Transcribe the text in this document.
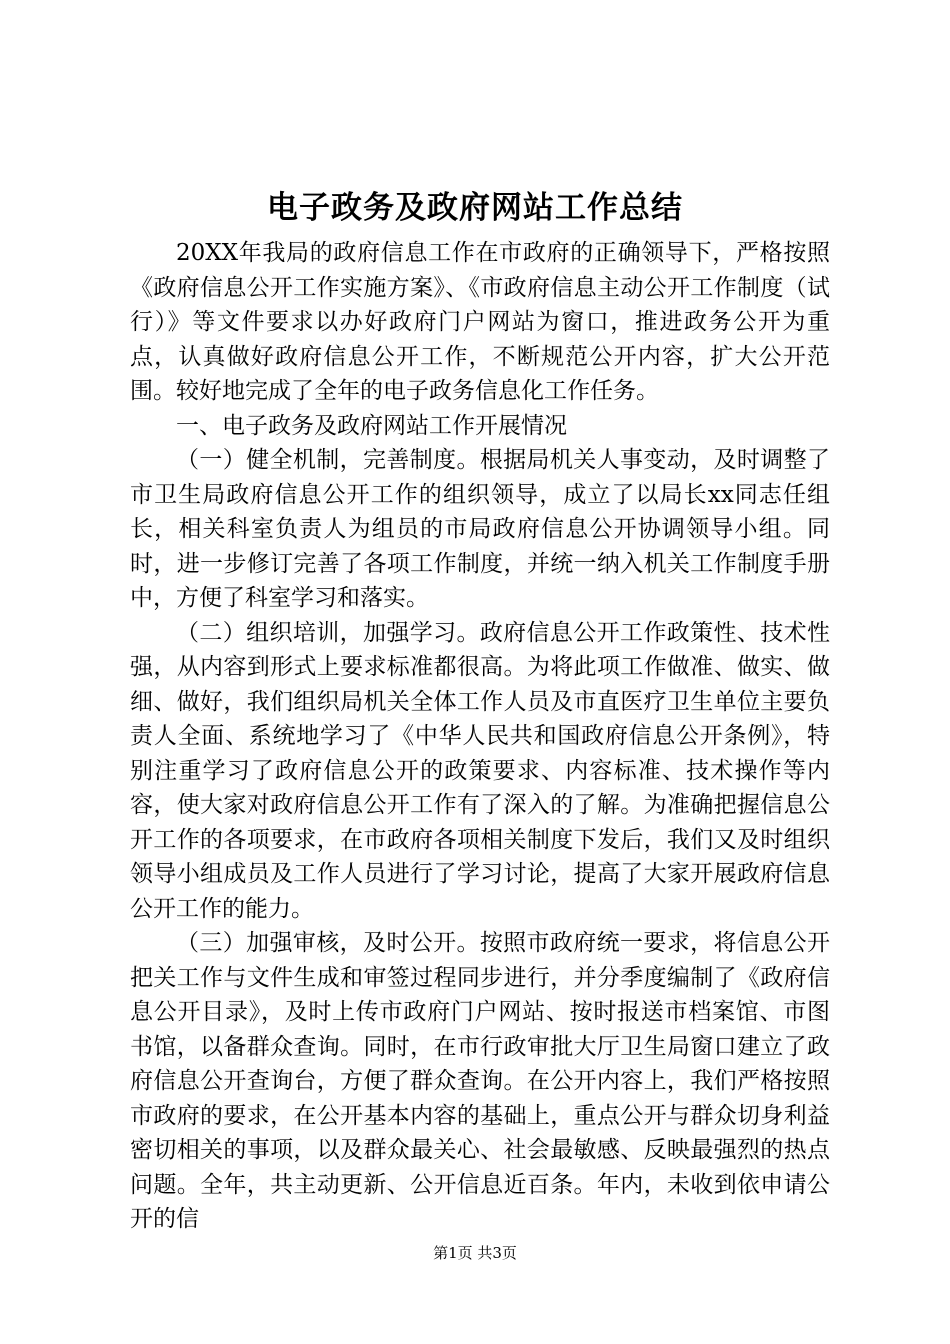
电子政务及政府网站工作总结

20XX年我局的政府信息工作在市政府的正确领导下，严格按照《政府信息公开工作实施方案》、《市政府信息主动公开工作制度（试行）》等文件要求以办好政府门户网站为窗口，推进政务公开为重点，认真做好政府信息公开工作，不断规范公开内容，扩大公开范围。较好地完成了全年的电子政务信息化工作任务。

一、电子政务及政府网站工作开展情况

（一）健全机制，完善制度。根据局机关人事变动，及时调整了市卫生局政府信息公开工作的组织领导，成立了以局长xx同志任组长，相关科室负责人为组员的市局政府信息公开协调领导小组。同时，进一步修订完善了各项工作制度，并统一纳入机关工作制度手册中，方便了科室学习和落实。

（二）组织培训，加强学习。政府信息公开工作政策性、技术性强，从内容到形式上要求标准都很高。为将此项工作做准、做实、做细、做好，我们组织局机关全体工作人员及市直医疗卫生单位主要负责人全面、系统地学习了《中华人民共和国政府信息公开条例》，特别注重学习了政府信息公开的政策要求、内容标准、技术操作等内容，使大家对政府信息公开工作有了深入的了解。为准确把握信息公开工作的各项要求，在市政府各项相关制度下发后，我们又及时组织领导小组成员及工作人员进行了学习讨论，提高了大家开展政府信息公开工作的能力。

（三）加强审核，及时公开。按照市政府统一要求，将信息公开把关工作与文件生成和审签过程同步进行，并分季度编制了《政府信息公开目录》，及时上传市政府门户网站、按时报送市档案馆、市图书馆，以备群众查询。同时，在市行政审批大厅卫生局窗口建立了政府信息公开查询台，方便了群众查询。在公开内容上，我们严格按照市政府的要求，在公开基本内容的基础上，重点公开与群众切身利益密切相关的事项，以及群众最关心、社会最敏感、反映最强烈的热点问题。全年，共主动更新、公开信息近百条。年内，未收到依申请公开的信

第1页 共3页
